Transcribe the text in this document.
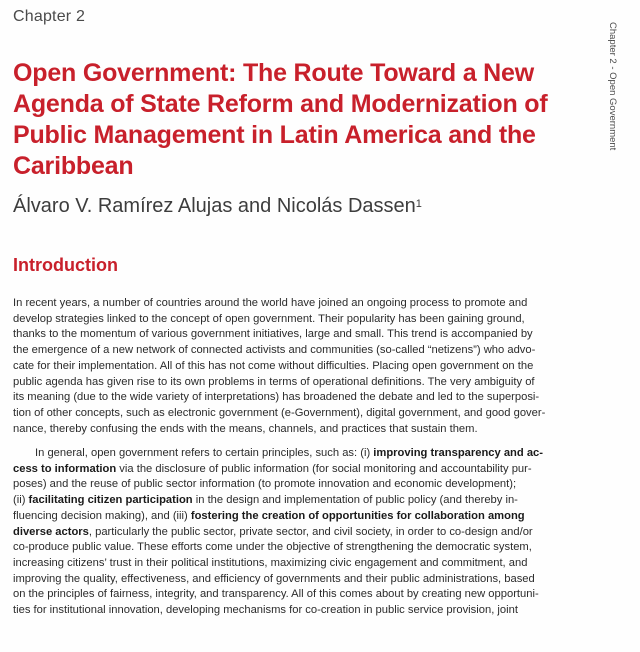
Chapter 2
Chapter 2 - Open Government
Open Government: The Route Toward a New
Agenda of State Reform and Modernization of
Public Management in Latin America and the
Caribbean
Álvaro V. Ramírez Alujas and Nicolás Dassen$^1$
Introduction

In recent years, a number of countries around the world have joined an ongoing process to promote and
develop strategies linked to the concept of open government. Their popularity has been gaining ground,
thanks to the momentum of various government initiatives, large and small. This trend is accompanied by
the emergence of a new network of connected activists and communities (so-called “netizens”) who advo-
cate for their implementation. All of this has not come without difficulties. Placing open government on the
public agenda has given rise to its own problems in terms of operational definitions. The very ambiguity of
its meaning (due to the wide variety of interpretations) has broadened the debate and led to the superposi-
tion of other concepts, such as electronic government (e-Government), digital government, and good gover-
nance, thereby confusing the ends with the means, channels, and practices that sustain them.

In general, open government refers to certain principles, such as: (i) improving transparency and ac-
cess to information via the disclosure of public information (for social monitoring and accountability pur-
poses) and the reuse of public sector information (to promote innovation and economic development);
(ii) facilitating citizen participation in the design and implementation of public policy (and thereby in-
fluencing decision making), and (iii) fostering the creation of opportunities for collaboration among
diverse actors, particularly the public sector, private sector, and civil society, in order to co-design and/or
co-produce public value. These efforts come under the objective of strengthening the democratic system,
increasing citizens’ trust in their political institutions, maximizing civic engagement and commitment, and
improving the quality, effectiveness, and efficiency of governments and their public administrations, based
on the principles of fairness, integrity, and transparency. All of this comes about by creating new opportuni-
ties for institutional innovation, developing mechanisms for co-creation in public service provision, joint
